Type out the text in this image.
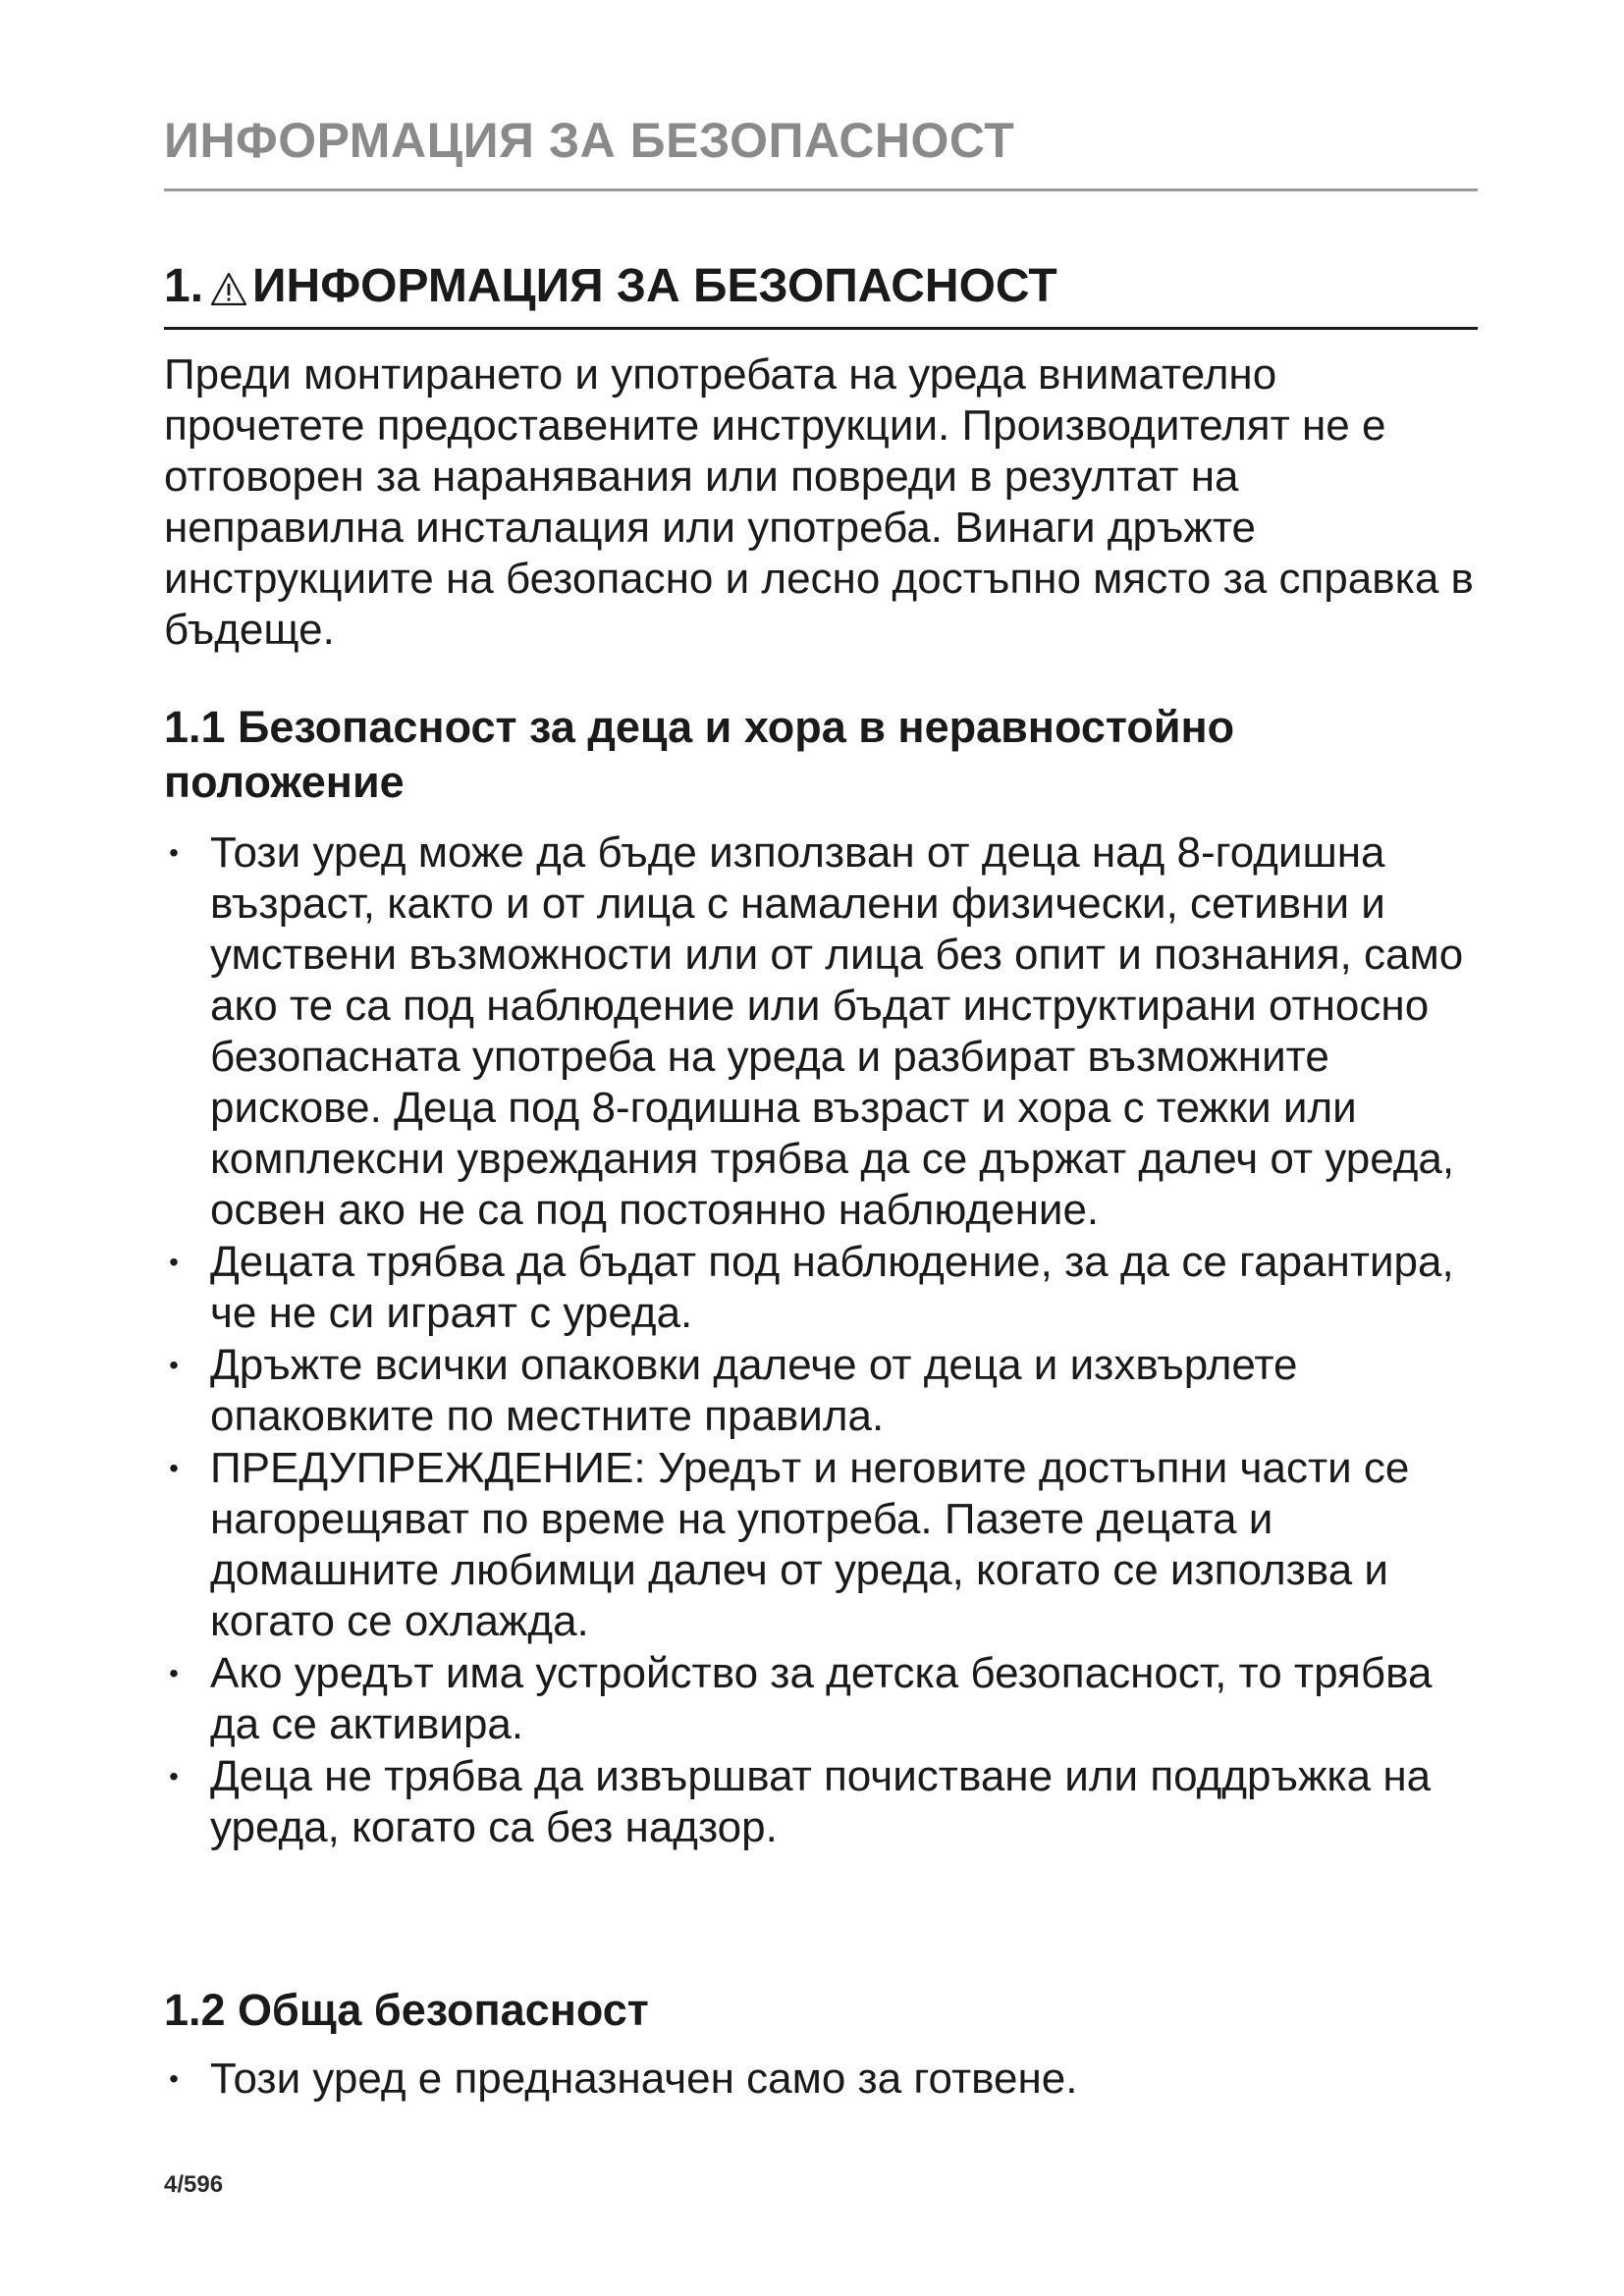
ИНФОРМАЦИЯ ЗА БЕЗОПАСНОСТ
1. ИНФОРМАЦИЯ ЗА БЕЗОПАСНОСТ
Преди монтирането и употребата на уреда внимателно прочетете предоставените инструкции. Производителят не е отговорен за наранявания или повреди в резултат на неправилна инсталация или употреба. Винаги дръжте инструкциите на безопасно и лесно достъпно място за справка в бъдеще.
1.1 Безопасност за деца и хора в неравностойно положение
• Този уред може да бъде използван от деца над 8-годишна възраст, както и от лица с намалени физически, сетивни и умствени възможности или от лица без опит и познания, само ако те са под наблюдение или бъдат инструктирани относно безопасната употреба на уреда и разбират възможните рискове. Деца под 8-годишна възраст и хора с тежки или комплексни увреждания трябва да се държат далеч от уреда, освен ако не са под постоянно наблюдение.
• Децата трябва да бъдат под наблюдение, за да се гарантира, че не си играят с уреда.
• Дръжте всички опаковки далече от деца и изхвърлете опаковките по местните правила.
• ПРЕДУПРЕЖДЕНИЕ: Уредът и неговите достъпни части се нагорещяват по време на употреба. Пазете децата и домашните любимци далеч от уреда, когато се използва и когато се охлажда.
• Ако уредът има устройство за детска безопасност, то трябва да се активира.
• Деца не трябва да извършват почистване или поддръжка на уреда, когато са без надзор.
1.2 Обща безопасност
• Този уред е предназначен само за готвене.
4/596
